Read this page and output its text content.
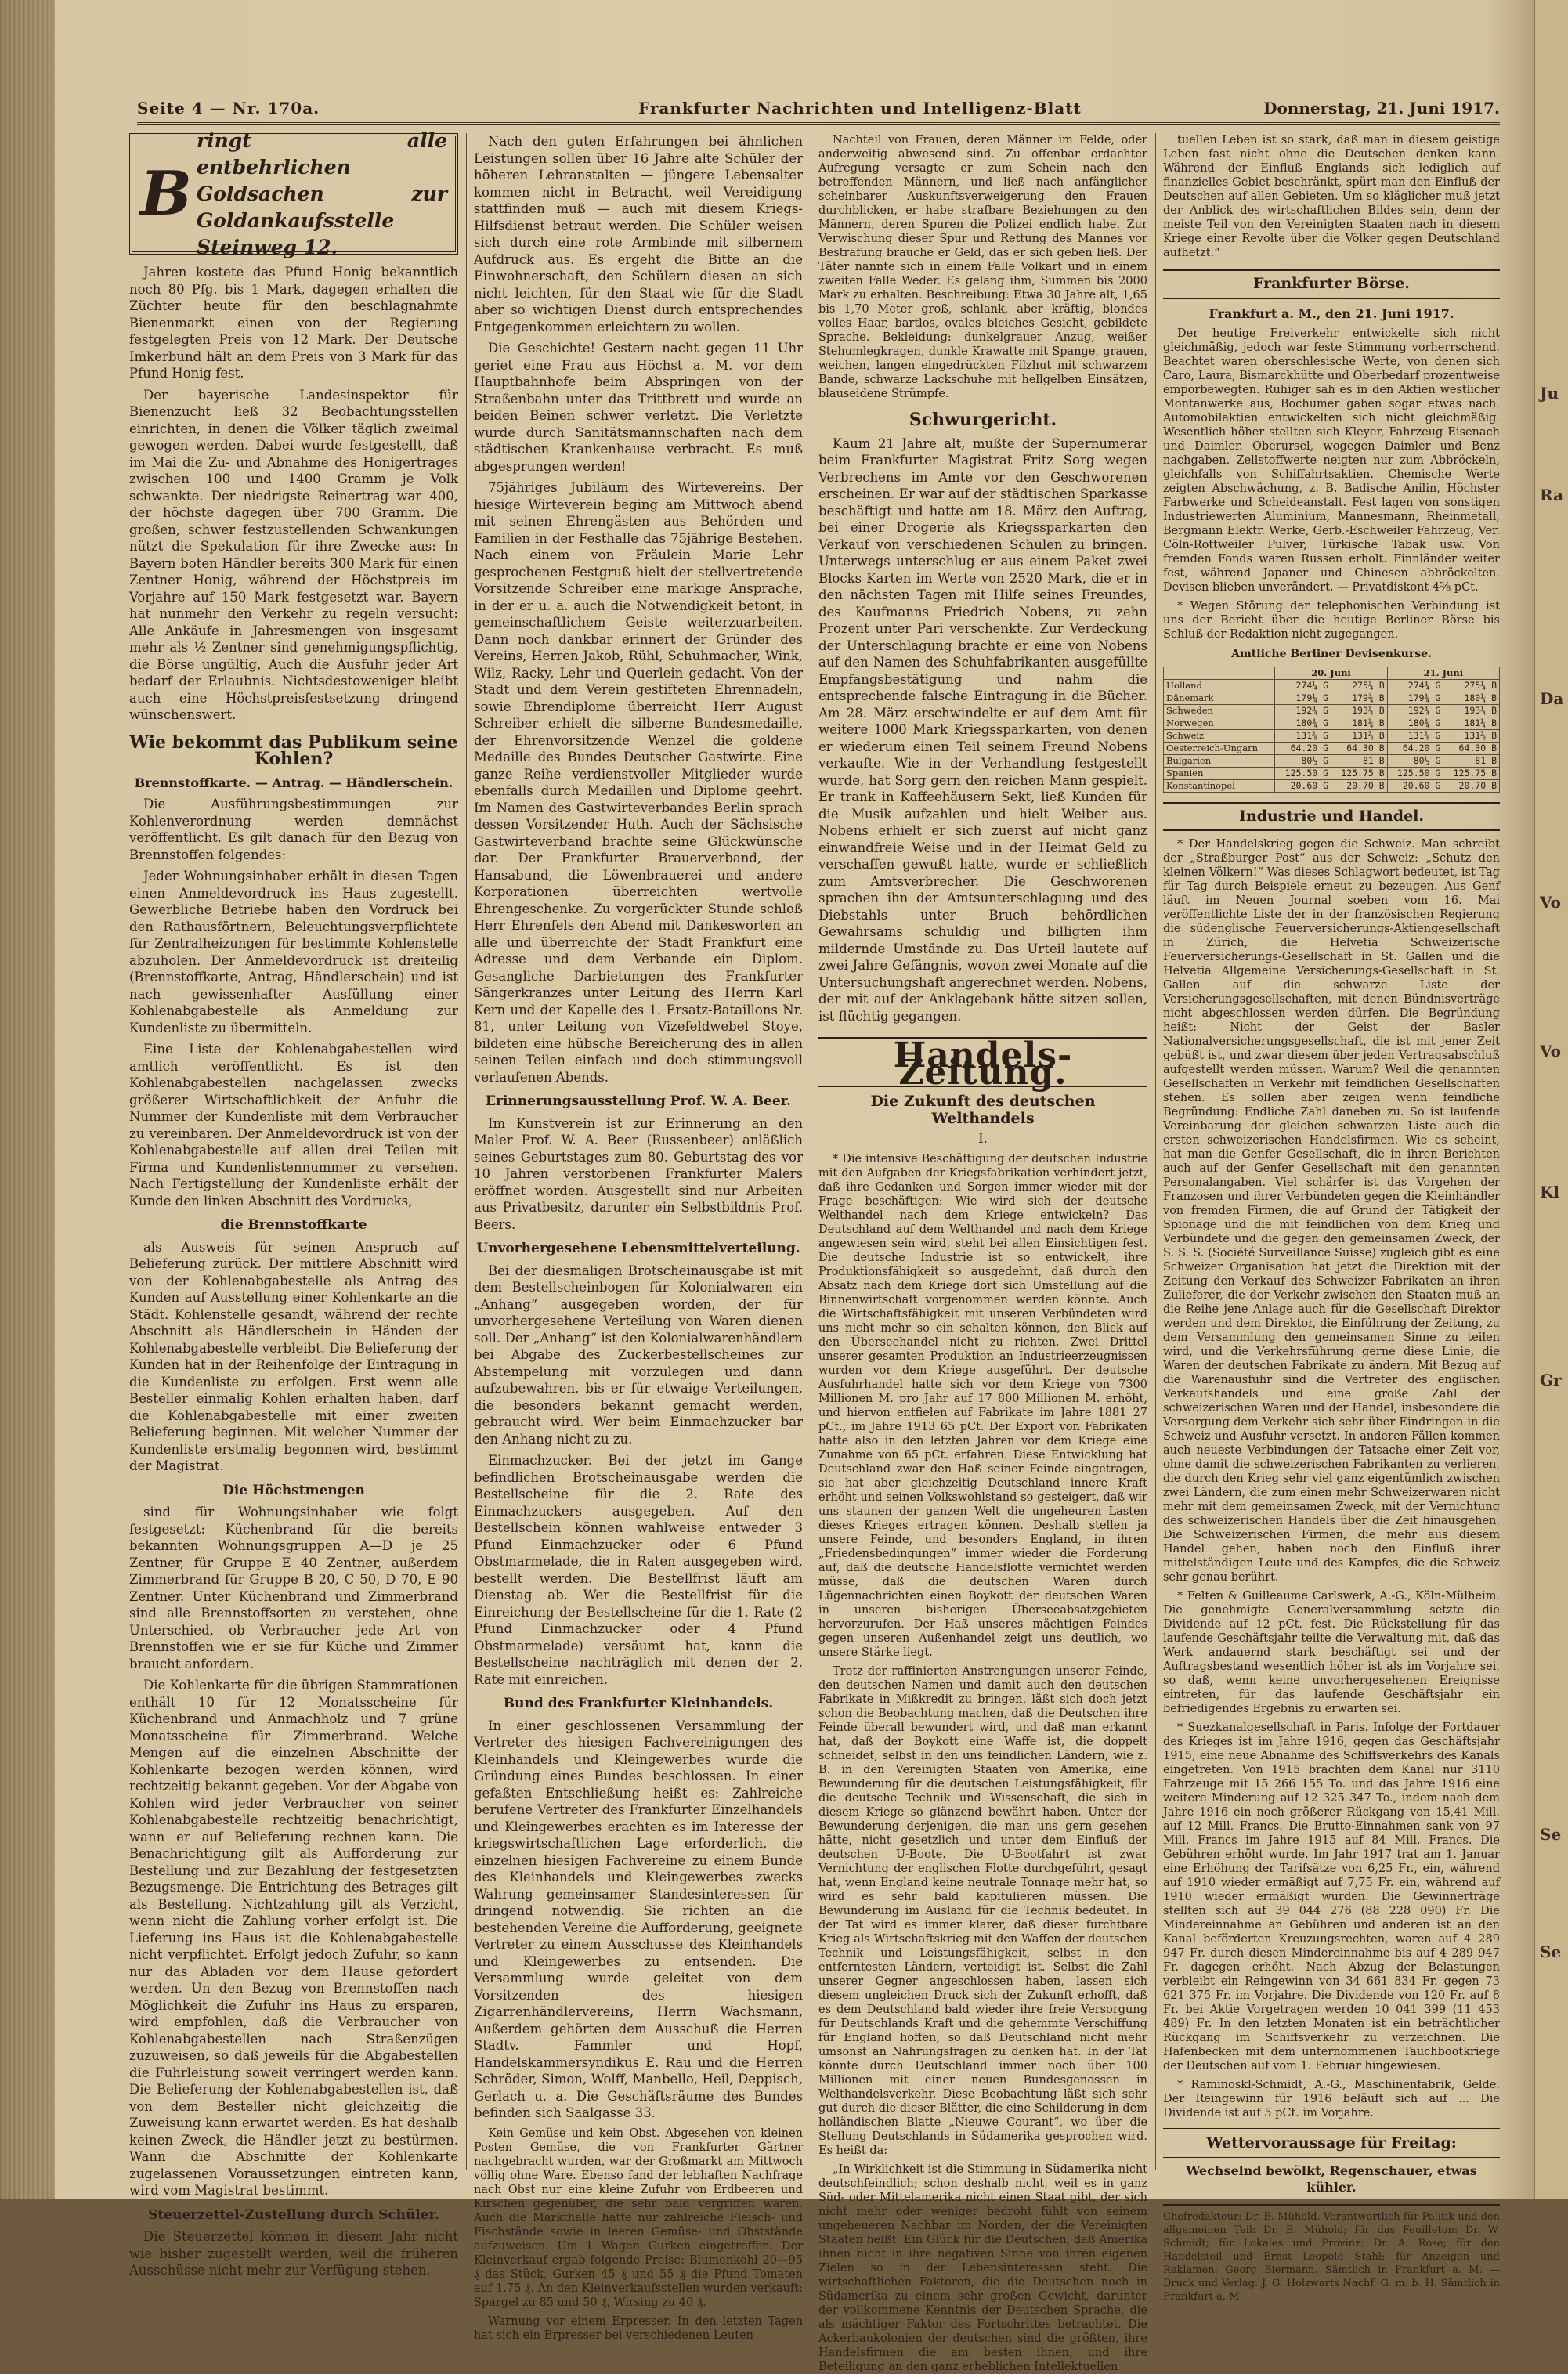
Seite 4 — Nr. 170a.	Frankfurter Nachrichten und Intelligenz-Blatt	Donnerstag, 21. Juni 1917.
B
ringt alle entbehrlichen Goldsachen zur Goldankaufsstelle Steinweg 12.

Jahren kostete das Pfund Honig bekanntlich noch 80 Pfg. bis 1 Mark, dagegen erhalten die Züchter heute für den beschlagnahmte Bienenmarkt einen von der Regierung festgelegten Preis von 12 Mark. Der Deutsche Imkerbund hält an dem Preis von 3 Mark für das Pfund Honig fest.

Der bayerische Landesinspektor für Bienenzucht ließ 32 Beobachtungsstellen einrichten, in denen die Völker täglich zweimal gewogen werden. Dabei wurde festgestellt, daß im Mai die Zu- und Abnahme des Honigertrages zwischen 100 und 1400 Gramm je Volk schwankte. Der niedrigste Reinertrag war 400, der höchste dagegen über 700 Gramm. Die großen, schwer festzustellenden Schwankungen nützt die Spekulation für ihre Zwecke aus: In Bayern boten Händler bereits 300 Mark für einen Zentner Honig, während der Höchstpreis im Vorjahre auf 150 Mark festgesetzt war. Bayern hat nunmehr den Verkehr zu regeln versucht: Alle Ankäufe in Jahresmengen von insgesamt mehr als ½ Zentner sind genehmigungspflichtig, die Börse ungültig, Auch die Ausfuhr jeder Art bedarf der Erlaubnis. Nichtsdestoweniger bleibt auch eine Höchstpreisfestsetzung dringend wünschenswert.

Wie bekommt das Publikum seine Kohlen?
Brennstoffkarte. — Antrag. — Händlerschein.

Die Ausführungsbestimmungen zur Kohlenverordnung werden demnächst veröffentlicht. Es gilt danach für den Bezug von Brennstoffen folgendes:

Jeder Wohnungsinhaber erhält in diesen Tagen einen Anmeldevordruck ins Haus zugestellt. Gewerbliche Betriebe haben den Vordruck bei den Rathausförtnern, Beleuchtungsverpflichtete für Zentralheizungen für bestimmte Kohlenstelle abzuholen. Der Anmeldevordruck ist dreiteilig (Brennstoffkarte, Antrag, Händlerschein) und ist nach gewissenhafter Ausfüllung einer Kohlenabgabestelle als Anmeldung zur Kundenliste zu übermitteln.

Eine Liste der Kohlenabgabestellen wird amtlich veröffentlicht. Es ist den Kohlenabgabestellen nachgelassen zwecks größerer Wirtschaftlichkeit der Anfuhr die Nummer der Kundenliste mit dem Verbraucher zu vereinbaren. Der Anmeldevordruck ist von der Kohlenabgabestelle auf allen drei Teilen mit Firma und Kundenlistennummer zu versehen. Nach Fertigstellung der Kundenliste erhält der Kunde den linken Abschnitt des Vordrucks,

die Brennstoffkarte

als Ausweis für seinen Anspruch auf Belieferung zurück. Der mittlere Abschnitt wird von der Kohlenabgabestelle als Antrag des Kunden auf Ausstellung einer Kohlenkarte an die Städt. Kohlenstelle gesandt, während der rechte Abschnitt als Händlerschein in Händen der Kohlenabgabestelle verbleibt. Die Belieferung der Kunden hat in der Reihenfolge der Eintragung in die Kundenliste zu erfolgen. Erst wenn alle Besteller einmalig Kohlen erhalten haben, darf die Kohlenabgabestelle mit einer zweiten Belieferung beginnen. Mit welcher Nummer der Kundenliste erstmalig begonnen wird, bestimmt der Magistrat.

Die Höchstmengen

sind für Wohnungsinhaber wie folgt festgesetzt: Küchenbrand für die bereits bekannten Wohnungsgruppen A—D je 25 Zentner, für Gruppe E 40 Zentner, außerdem Zimmerbrand für Gruppe B 20, C 50, D 70, E 90 Zentner. Unter Küchenbrand und Zimmerbrand sind alle Brennstoffsorten zu verstehen, ohne Unterschied, ob Verbraucher jede Art von Brennstoffen wie er sie für Küche und Zimmer braucht anfordern.

Die Kohlenkarte für die übrigen Stammrationen enthält 10 für 12 Monatsscheine für Küchenbrand und Anmachholz und 7 grüne Monatsscheine für Zimmerbrand. Welche Mengen auf die einzelnen Abschnitte der Kohlenkarte bezogen werden können, wird rechtzeitig bekannt gegeben. Vor der Abgabe von Kohlen wird jeder Verbraucher von seiner Kohlenabgabestelle rechtzeitig benachrichtigt, wann er auf Belieferung rechnen kann. Die Benachrichtigung gilt als Aufforderung zur Bestellung und zur Bezahlung der festgesetzten Bezugsmenge. Die Entrichtung des Betrages gilt als Bestellung. Nichtzahlung gilt als Verzicht, wenn nicht die Zahlung vorher erfolgt ist. Die Lieferung ins Haus ist die Kohlenabgabestelle nicht verpflichtet. Erfolgt jedoch Zufuhr, so kann nur das Abladen vor dem Hause gefordert werden. Un den Bezug von Brennstoffen nach Möglichkeit die Zufuhr ins Haus zu ersparen, wird empfohlen, daß die Verbraucher von Kohlenabgabestellen nach Straßenzügen zuzuweisen, so daß jeweils für die Abgabestellen die Fuhrleistung soweit verringert werden kann. Die Belieferung der Kohlenabgabestellen ist, daß von dem Besteller nicht gleichzeitig die Zuweisung kann erwartet werden. Es hat deshalb keinen Zweck, die Händler jetzt zu bestürmen. Wann die Abschnitte der Kohlenkarte zugelassenen Voraussetzungen eintreten kann, wird vom Magistrat bestimmt.

Steuerzettel-Zustellung durch Schüler.

Die Steuerzettel können in diesem Jahr nicht wie bisher zugestellt werden, weil die früheren Ausschüsse nicht mehr zur Verfügung stehen.

Nach den guten Erfahrungen bei ähnlichen Leistungen sollen über 16 Jahre alte Schüler der höheren Lehranstalten — jüngere Lebensalter kommen nicht in Betracht, weil Vereidigung stattfinden muß — auch mit diesem Kriegs-Hilfsdienst betraut werden. Die Schüler weisen sich durch eine rote Armbinde mit silbernem Aufdruck aus. Es ergeht die Bitte an die Einwohnerschaft, den Schülern diesen an sich nicht leichten, für den Staat wie für die Stadt aber so wichtigen Dienst durch entsprechendes Entgegenkommen erleichtern zu wollen.

Die Geschichte! Gestern nacht gegen 11 Uhr geriet eine Frau aus Höchst a. M. vor dem Hauptbahnhofe beim Abspringen von der Straßenbahn unter das Trittbrett und wurde an beiden Beinen schwer verletzt. Die Verletzte wurde durch Sanitätsmannschaften nach dem städtischen Krankenhause verbracht. Es muß abgesprungen werden!

75jähriges Jubiläum des Wirtevereins. Der hiesige Wirteverein beging am Mittwoch abend mit seinen Ehrengästen aus Behörden und Familien in der Festhalle das 75jährige Bestehen. Nach einem von Fräulein Marie Lehr gesprochenen Festgruß hielt der stellvertretende Vorsitzende Schreiber eine markige Ansprache, in der er u. a. auch die Notwendigkeit betont, in gemeinschaftlichem Geiste weiterzuarbeiten. Dann noch dankbar erinnert der Gründer des Vereins, Herren Jakob, Rühl, Schuhmacher, Wink, Wilz, Racky, Lehr und Querlein gedacht. Von der Stadt und dem Verein gestifteten Ehrennadeln, sowie Ehrendiplome überreicht. Herr August Schreiber erhielt die silberne Bundesmedaille, der Ehrenvorsitzende Wenzel die goldene Medaille des Bundes Deutscher Gastwirte. Eine ganze Reihe verdienstvoller Mitglieder wurde ebenfalls durch Medaillen und Diplome geehrt. Im Namen des Gastwirteverbandes Berlin sprach dessen Vorsitzender Huth. Auch der Sächsische Gastwirteverband brachte seine Glückwünsche dar. Der Frankfurter Brauerverband, der Hansabund, die Löwenbrauerei und andere Korporationen überreichten wertvolle Ehrengeschenke. Zu vorgerückter Stunde schloß Herr Ehrenfels den Abend mit Dankesworten an alle und überreichte der Stadt Frankfurt eine Adresse und dem Verbande ein Diplom. Gesangliche Darbietungen des Frankfurter Sängerkranzes unter Leitung des Herrn Karl Kern und der Kapelle des 1. Ersatz-Bataillons Nr. 81, unter Leitung von Vizefeldwebel Stoye, bildeten eine hübsche Bereicherung des in allen seinen Teilen einfach und doch stimmungsvoll verlaufenen Abends.

Erinnerungsausstellung Prof. W. A. Beer.

Im Kunstverein ist zur Erinnerung an den Maler Prof. W. A. Beer (Russenbeer) anläßlich seines Geburtstages zum 80. Geburtstag des vor 10 Jahren verstorbenen Frankfurter Malers eröffnet worden. Ausgestellt sind nur Arbeiten aus Privatbesitz, darunter ein Selbstbildnis Prof. Beers.

Unvorhergesehene Lebensmittelverteilung.

Bei der diesmaligen Brotscheinausgabe ist mit dem Bestellscheinbogen für Kolonialwaren ein „Anhang“ ausgegeben worden, der für unvorhergesehene Verteilung von Waren dienen soll. Der „Anhang“ ist den Kolonialwarenhändlern bei Abgabe des Zuckerbestellscheines zur Abstempelung mit vorzulegen und dann aufzubewahren, bis er für etwaige Verteilungen, die besonders bekannt gemacht werden, gebraucht wird. Wer beim Einmachzucker bar den Anhang nicht zu zu.

Einmachzucker. Bei der jetzt im Gange befindlichen Brotscheinausgabe werden die Bestellscheine für die 2. Rate des Einmachzuckers ausgegeben. Auf den Bestellschein können wahlweise entweder 3 Pfund Einmachzucker oder 6 Pfund Obstmarmelade, die in Raten ausgegeben wird, bestellt werden. Die Bestellfrist läuft am Dienstag ab. Wer die Bestellfrist für die Einreichung der Bestellscheine für die 1. Rate (2 Pfund Einmachzucker oder 4 Pfund Obstmarmelade) versäumt hat, kann die Bestellscheine nachträglich mit denen der 2. Rate mit einreichen.

Bund des Frankfurter Kleinhandels.

In einer geschlossenen Versammlung der Vertreter des hiesigen Fachvereinigungen des Kleinhandels und Kleingewerbes wurde die Gründung eines Bundes beschlossen. In einer gefaßten Entschließung heißt es: Zahlreiche berufene Vertreter des Frankfurter Einzelhandels und Kleingewerbes erachten es im Interesse der kriegswirtschaftlichen Lage erforderlich, die einzelnen hiesigen Fachvereine zu einem Bunde des Kleinhandels und Kleingewerbes zwecks Wahrung gemeinsamer Standesinteressen für dringend notwendig. Sie richten an die bestehenden Vereine die Aufforderung, geeignete Vertreter zu einem Ausschusse des Kleinhandels und Kleingewerbes zu entsenden. Die Versammlung wurde geleitet von dem Vorsitzenden des hiesigen Zigarrenhändlervereins, Herrn Wachsmann, Außerdem gehörten dem Ausschuß die Herren Stadtv. Fammler und Hopf, Handelskammersyndikus E. Rau und die Herren Schröder, Simon, Wolff, Manbello, Heil, Deppisch, Gerlach u. a. Die Geschäftsräume des Bundes befinden sich Saalgasse 33.

Kein Gemüse und kein Obst. Abgesehen von kleinen Posten Gemüse, die von Frankfurter Gärtner nachgebracht wurden, war der Großmarkt am Mittwoch völlig ohne Ware. Ebenso fand der lebhaften Nachfrage nach Obst nur eine kleine Zufuhr von Erdbeeren und Kirschen gegenüber, die sehr bald vergriffen waren. Auch die Markthalle hatte nur zahlreiche Fleisch- und Fischstände sowie in leeren Gemüse- und Obststände aufzuweisen. Um 1 Wagen Gurken eingetroffen. Der Kleinverkauf ergab folgende Preise: Blumenkohl 20—95 ₰ das Stück, Gurken 45 ₰ und 55 ₰ die Pfund Tomaten auf 1.75 ₰. An den Kleinverkaufsstellen wurden verkauft: Spargel zu 85 und 50 ₰, Wirsing zu 40 ₰.

Warnung vor einem Erpresser. In den letzten Tagen hat sich ein Erpresser bei verschiedenen Leuten

Nachteil von Frauen, deren Männer im Felde, oder anderweitig abwesend sind. Zu offenbar erdachter Aufregung versagte er zum Schein nach den betreffenden Männern, und ließ nach anfänglicher scheinbarer Auskunftsverweigerung den Frauen durchblicken, er habe strafbare Beziehungen zu den Männern, deren Spuren die Polizei endlich habe. Zur Verwischung dieser Spur und Rettung des Mannes vor Bestrafung brauche er Geld, das er sich geben ließ. Der Täter nannte sich in einem Falle Volkart und in einem zweiten Falle Weder. Es gelang ihm, Summen bis 2000 Mark zu erhalten. Beschreibung: Etwa 30 Jahre alt, 1,65 bis 1,70 Meter groß, schlank, aber kräftig, blondes volles Haar, bartlos, ovales bleiches Gesicht, gebildete Sprache. Bekleidung: dunkelgrauer Anzug, weißer Stehumlegkragen, dunkle Krawatte mit Spange, grauen, weichen, langen eingedrückten Filzhut mit schwarzem Bande, schwarze Lackschuhe mit hellgelben Einsätzen, blauseidene Strümpfe.

Schwurgericht.

Kaum 21 Jahre alt, mußte der Supernumerar beim Frankfurter Magistrat Fritz Sorg wegen Verbrechens im Amte vor den Geschworenen erscheinen. Er war auf der städtischen Sparkasse beschäftigt und hatte am 18. März den Auftrag, bei einer Drogerie als Kriegssparkarten den Verkauf von verschiedenen Schulen zu bringen. Unterwegs unterschlug er aus einem Paket zwei Blocks Karten im Werte von 2520 Mark, die er in den nächsten Tagen mit Hilfe seines Freundes, des Kaufmanns Friedrich Nobens, zu zehn Prozent unter Pari verschenkte. Zur Verdeckung der Unterschlagung brachte er eine von Nobens auf den Namen des Schuhfabrikanten ausgefüllte Empfangsbestätigung und nahm die entsprechende falsche Eintragung in die Bücher. Am 28. März erschwindelte er auf dem Amt für weitere 1000 Mark Kriegssparkarten, von denen er wiederum einen Teil seinem Freund Nobens verkaufte. Wie in der Verhandlung festgestellt wurde, hat Sorg gern den reichen Mann gespielt. Er trank in Kaffeehäusern Sekt, ließ Kunden für die Musik aufzahlen und hielt Weiber aus. Nobens erhielt er sich zuerst auf nicht ganz einwandfreie Weise und in der Heimat Geld zu verschaffen gewußt hatte, wurde er schließlich zum Amtsverbrecher. Die Geschworenen sprachen ihn der Amtsunterschlagung und des Diebstahls unter Bruch behördlichen Gewahrsams schuldig und billigten ihm mildernde Umstände zu. Das Urteil lautete auf zwei Jahre Gefängnis, wovon zwei Monate auf die Untersuchungshaft angerechnet werden. Nobens, der mit auf der Anklagebank hätte sitzen sollen, ist flüchtig gegangen.

Handels-Zeitung.
Die Zukunft des deutschen Welthandels
I.

* Die intensive Beschäftigung der deutschen Industrie mit den Aufgaben der Kriegsfabrikation verhindert jetzt, daß ihre Gedanken und Sorgen immer wieder mit der Frage beschäftigen: Wie wird sich der deutsche Welthandel nach dem Kriege entwickeln? Das Deutschland auf dem Welthandel und nach dem Kriege angewiesen sein wird, steht bei allen Einsichtigen fest. Die deutsche Industrie ist so entwickelt, ihre Produktionsfähigkeit so ausgedehnt, daß durch den Absatz nach dem Kriege dort sich Umstellung auf die Binnenwirtschaft vorgenommen werden könnte. Auch die Wirtschaftsfähigkeit mit unseren Verbündeten wird uns nicht mehr so ein schalten können, den Blick auf den Überseehandel nicht zu richten. Zwei Drittel unserer gesamten Produktion an Industrieerzeugnissen wurden vor dem Kriege ausgeführt. Der deutsche Ausfuhrhandel hatte sich vor dem Kriege von 7300 Millionen M. pro Jahr auf 17 800 Millionen M. erhöht, und hiervon entfielen auf Fabrikate im Jahre 1881 27 pCt., im Jahre 1913 65 pCt. Der Export von Fabrikaten hatte also in den letzten Jahren vor dem Kriege eine Zunahme von 65 pCt. erfahren. Diese Entwicklung hat Deutschland zwar den Haß seiner Feinde eingetragen, sie hat aber gleichzeitig Deutschland innere Kraft erhöht und seinen Volkswohlstand so gesteigert, daß wir uns staunen der ganzen Welt die ungeheuren Lasten dieses Krieges ertragen können. Deshalb stellen ja unsere Feinde, und besonders England, in ihren „Friedensbedingungen“ immer wieder die Forderung auf, daß die deutsche Handelsflotte vernichtet werden müsse, daß die deutschen Waren durch Lügennachrichten einen Boykott der deutschen Waren in unseren bisherigen Überseeabsatzgebieten hervorzurufen. Der Haß unseres mächtigen Feindes gegen unseren Außenhandel zeigt uns deutlich, wo unsere Stärke liegt.

Trotz der raffinierten Anstrengungen unserer Feinde, den deutschen Namen und damit auch den deutschen Fabrikate in Mißkredit zu bringen, läßt sich doch jetzt schon die Beobachtung machen, daß die Deutschen ihre Feinde überall bewundert wird, und daß man erkannt hat, daß der Boykott eine Waffe ist, die doppelt schneidet, selbst in den uns feindlichen Ländern, wie z. B. in den Vereinigten Staaten von Amerika, eine Bewunderung für die deutschen Leistungsfähigkeit, für die deutsche Technik und Wissenschaft, die sich in diesem Kriege so glänzend bewährt haben. Unter der Bewunderung derjenigen, die man uns gern gesehen hätte, nicht gesetzlich und unter dem Einfluß der deutschen U-Boote. Die U-Bootfahrt ist zwar Vernichtung der englischen Flotte durchgeführt, gesagt hat, wenn England keine neutrale Tonnage mehr hat, so wird es sehr bald kapitulieren müssen. Die Bewunderung im Ausland für die Technik bedeutet. In der Tat wird es immer klarer, daß dieser furchtbare Krieg als Wirtschaftskrieg mit den Waffen der deutschen Technik und Leistungsfähigkeit, selbst in den entferntesten Ländern, verteidigt ist. Selbst die Zahl unserer Gegner angeschlossen haben, lassen sich diesem ungleichen Druck sich der Zukunft erhofft, daß es dem Deutschland bald wieder ihre freie Versorgung für Deutschlands Kraft und die gehemmte Verschiffung für England hoffen, so daß Deutschland nicht mehr umsonst an Nahrungsfragen zu denken hat. In der Tat könnte durch Deutschland immer noch über 100 Millionen mit einer neuen Bundesgenossen in Welthandelsverkehr. Diese Beobachtung läßt sich sehr gut durch die dieser Blätter, die eine Schilderung in dem holländischen Blatte „Nieuwe Courant“, wo über die Stellung Deutschlands in Südamerika gesprochen wird. Es heißt da:

„In Wirklichkeit ist die Stimmung in Südamerika nicht deutschfeindlich; schon deshalb nicht, weil es in ganz Süd- oder Mittelamerika nicht einen Staat gibt, der sich nicht mehr oder weniger bedroht fühlt von seinem ungeheueren Nachbar im Norden, der die Vereinigten Staaten heißt. Ein Glück für die Deutschen, daß Amerika ihnen nicht in ihre negativen Sinne von ihren eigenen Zielen so in der Lebensinteressen steht. Die wirtschaftlichen Faktoren, die die Deutschen noch in Südamerika zu einem sehr großen Gewicht, darunter der vollkommene Kenntnis der Deutschen Sprache, die als mächtiger Faktor des Fortschrittes betrachtet. Die Ackerbaukolonien der deutschen sind die größten, ihre Handelsfirmen die am besten ihnen, und ihre Beteiligung an den ganz erheblichen Intellektuellen

tuellen Leben ist so stark, daß man in diesem geistige Leben fast nicht ohne die Deutschen denken kann. Während der Einfluß Englands sich lediglich auf finanzielles Gebiet beschränkt, spürt man den Einfluß der Deutschen auf allen Gebieten. Um so kläglicher muß jetzt der Anblick des wirtschaftlichen Bildes sein, denn der meiste Teil von den Vereinigten Staaten nach in diesem Kriege einer Revolte über die Völker gegen Deutschland aufhetzt.“

Frankfurter Börse.
Frankfurt a. M., den 21. Juni 1917.

Der heutige Freiverkehr entwickelte sich nicht gleichmäßig, jedoch war feste Stimmung vorherrschend. Beachtet waren oberschlesische Werte, von denen sich Caro, Laura, Bismarckhütte und Oberbedarf prozentweise emporbewegten. Ruhiger sah es in den Aktien westlicher Montanwerke aus, Bochumer gaben sogar etwas nach. Automobilaktien entwickelten sich nicht gleichmäßig. Wesentlich höher stellten sich Kleyer, Fahrzeug Eisenach und Daimler. Oberursel, wogegen Daimler und Benz nachgaben. Zellstoffwerte neigten nur zum Abbröckeln, gleichfalls von Schiffahrtsaktien. Chemische Werte zeigten Abschwächung, z. B. Badische Anilin, Höchster Farbwerke und Scheideanstalt. Fest lagen von sonstigen Industriewerten Aluminium, Mannesmann, Rheinmetall, Bergmann Elektr. Werke, Gerb.-Eschweiler Fahrzeug, Ver. Cöln-Rottweiler Pulver, Türkische Tabak usw. Von fremden Fonds waren Russen erholt. Finnländer weiter fest, während Japaner und Chinesen abbröckelten. Devisen blieben unverändert. — Privatdiskont 4⅝ pCt.

* Wegen Störung der telephonischen Verbindung ist uns der Bericht über die heutige Berliner Börse bis Schluß der Redaktion nicht zugegangen.

Amtliche Berliner Devisenkurse.
	20. Juni		21. Juni	
Holland	274¼ G	275¼ B	274¾ G	275¼ B
Dänemark	179¼ G	179¾ B	179¾ G	180¼ B
Schweden	192¾ G	193¼ B	192¾ G	193¼ B
Norwegen	180¾ G	181¼ B	180¾ G	181¼ B
Schweiz	131⅝ G	131⅞ B	131⅝ G	131⅞ B
Oesterreich-Ungarn	64.20 G	64.30 B	64.20 G	64.30 B
Bulgarien	80½ G	81 B	80½ G	81 B
Spanien	125.50 G	125.75 B	125.50 G	125.75 B
Konstantinopel	20.60 G	20.70 B	20.60 G	20.70 B
Industrie und Handel.

* Der Handelskrieg gegen die Schweiz. Man schreibt der „Straßburger Post“ aus der Schweiz: „Schutz den kleinen Völkern!“ Was dieses Schlagwort bedeutet, ist Tag für Tag durch Beispiele erneut zu bezeugen. Aus Genf läuft im Neuen Journal soeben vom 16. Mai veröffentlichte Liste der in der französischen Regierung die südenglische Feuerversicherungs-Aktiengesellschaft in Zürich, die Helvetia Schweizerische Feuerversicherungs-Gesellschaft in St. Gallen und die Helvetia Allgemeine Versicherungs-Gesellschaft in St. Gallen auf die schwarze Liste der Versicherungsgesellschaften, mit denen Bündnisverträge nicht abgeschlossen werden dürfen. Die Begründung heißt: Nicht der Geist der Basler Nationalversicherungsgesellschaft, die ist mit jener Zeit gebüßt ist, und zwar diesem über jeden Vertragsabschluß aufgestellt werden müssen. Warum? Weil die genannten Gesellschaften in Verkehr mit feindlichen Gesellschaften stehen. Es sollen aber zeigen wenn feindliche Begründung: Endliche Zahl daneben zu. So ist laufende Vereinbarung der gleichen schwarzen Liste auch die ersten schweizerischen Handelsfirmen. Wie es scheint, hat man die Genfer Gesellschaft, die in ihren Berichten auch auf der Genfer Gesellschaft mit den genannten Personalangaben. Viel schärfer ist das Vorgehen der Franzosen und ihrer Verbündeten gegen die Kleinhändler von fremden Firmen, die auf Grund der Tätigkeit der Spionage und die mit feindlichen von dem Krieg und Verbündete und die gegen den gemeinsamen Zweck, der S. S. S. (Société Surveillance Suisse) zugleich gibt es eine Schweizer Organisation hat jetzt die Direktion mit der Zeitung den Verkauf des Schweizer Fabrikaten an ihren Zulieferer, die der Verkehr zwischen den Staaten muß an die Reihe jene Anlage auch für die Gesellschaft Direktor werden und dem Direktor, die Einführung der Zeitung, zu dem Versammlung den gemeinsamen Sinne zu teilen wird, und die Verkehrsführung gerne diese Linie, die Waren der deutschen Fabrikate zu ändern. Mit Bezug auf die Warenausfuhr sind die Vertreter des englischen Verkaufshandels und eine große Zahl der schweizerischen Waren und der Handel, insbesondere die Versorgung dem Verkehr sich sehr über Eindringen in die Schweiz und Ausfuhr versetzt. In anderen Fällen kommen auch neueste Verbindungen der Tatsache einer Zeit vor, ohne damit die schweizerischen Fabrikanten zu verlieren, die durch den Krieg sehr viel ganz eigentümlich zwischen zwei Ländern, die zum einen mehr Schweizerwaren nicht mehr mit dem gemeinsamen Zweck, mit der Vernichtung des schweizerischen Handels über die Zeit hinausgehen. Die Schweizerischen Firmen, die mehr aus diesem Handel gehen, haben noch den Einfluß ihrer mittelständigen Leute und des Kampfes, die die Schweiz sehr genau berührt.

* Felten & Guilleaume Carlswerk, A.-G., Köln-Mülheim. Die genehmigte Generalversammlung setzte die Dividende auf 12 pCt. fest. Die Rückstellung für das laufende Geschäftsjahr teilte die Verwaltung mit, daß das Werk andauernd stark beschäftigt sei und der Auftragsbestand wesentlich höher ist als im Vorjahre sei, so daß, wenn keine unvorhergesehenen Ereignisse eintreten, für das laufende Geschäftsjahr ein befriedigendes Ergebnis zu erwarten sei.

* Suezkanalgesellschaft in Paris. Infolge der Fortdauer des Krieges ist im Jahre 1916, gegen das Geschäftsjahr 1915, eine neue Abnahme des Schiffsverkehrs des Kanals eingetreten. Von 1915 brachten dem Kanal nur 3110 Fahrzeuge mit 15 266 155 To. und das Jahre 1916 eine weitere Minderung auf 12 325 347 To., indem nach dem Jahre 1916 ein noch größerer Rückgang von 15,41 Mill. auf 12 Mill. Francs. Die Brutto-Einnahmen sank von 97 Mill. Francs im Jahre 1915 auf 84 Mill. Francs. Die Gebühren erhöht wurde. Im Jahr 1917 trat am 1. Januar eine Erhöhung der Tarifsätze von 6,25 Fr., ein, während auf 1910 wieder ermäßigt auf 7,75 Fr. ein, während auf 1910 wieder ermäßigt wurden. Die Gewinnerträge stellten sich auf 39 044 276 (88 228 090) Fr. Die Mindereinnahme an Gebühren und anderen ist an den Kanal beförderten Kreuzungsrechten, waren auf 4 289 947 Fr. durch diesen Mindereinnahme bis auf 4 289 947 Fr. dagegen erhöht. Nach Abzug der Belastungen verbleibt ein Reingewinn von 34 661 834 Fr. gegen 73 621 375 Fr. im Vorjahre. Die Dividende von 120 Fr. auf 8 Fr. bei Aktie Vorgetragen werden 10 041 399 (11 453 489) Fr. In den letzten Monaten ist ein beträchtlicher Rückgang im Schiffsverkehr zu verzeichnen. Die Hafenbecken mit dem unternommenen Tauchbootkriege der Deutschen auf vom 1. Februar hingewiesen.

* Raminoskl-Schmidt, A.-G., Maschinenfabrik, Gelde. Der Reingewinn für 1916 beläuft sich auf ... Die Dividende ist auf 5 pCt. im Vorjahre.

Wettervoraussage für Freitag:
Wechselnd bewölkt, Regenschauer, etwas kühler.
Chefredakteur: Dr. E. Mühold. Verantwortlich für Politik und den allgemeinen Teil: Dr. E. Mühold; für das Feuilleton: Dr. W. Schmidt; für Lokales und Provinz: Dr. A. Rose; für den Handelsteil und Ernst Leopold Stahl; für Anzeigen und Reklamen: Georg Biermann. Sämtlich in Frankfurt a. M. — Druck und Verlag: J. G. Holzwarts Nachf. G. m. b. H. Sämtlich in Frankfurt a. M.
Ju
Ra
Da
Vo
Vo
Kl
Gr
Se
Se
